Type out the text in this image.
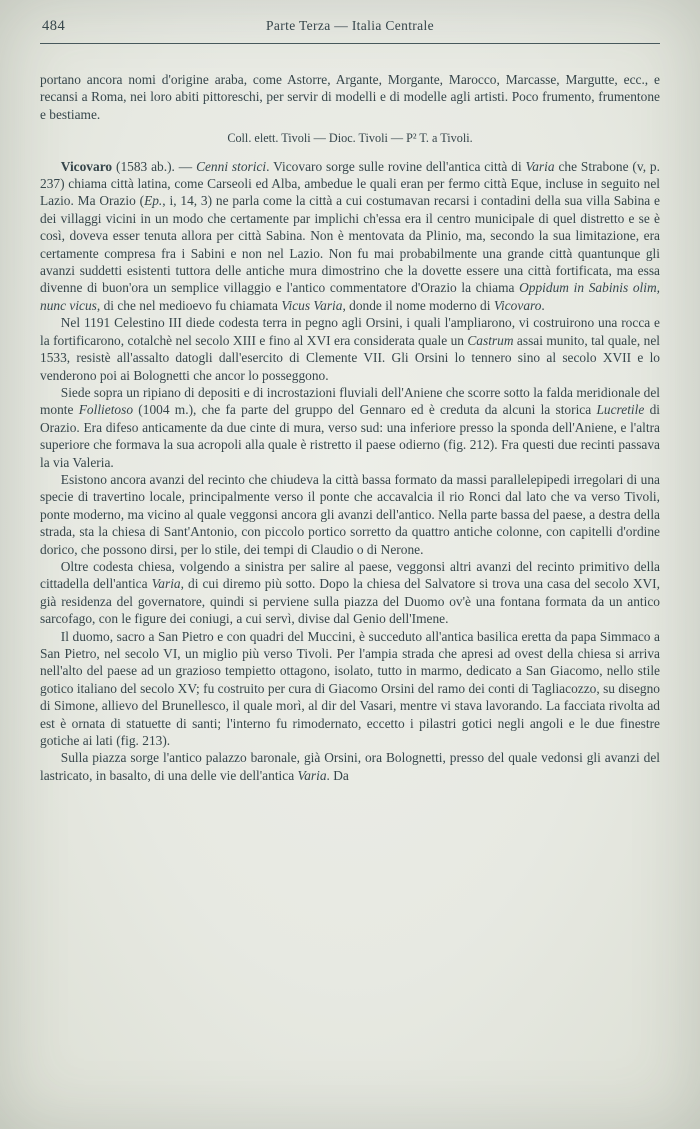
484	Parte Terza — Italia Centrale

portano ancora nomi d'origine araba, come Astorre, Argante, Morgante, Marocco, Marcasse, Margutte, ecc., e recansi a Roma, nei loro abiti pittoreschi, per servir di modelli e di modelle agli artisti. Poco frumento, frumentone e bestiame.

Coll. elett. Tivoli — Dioc. Tivoli — P² T. a Tivoli.

Vicovaro (1583 ab.). — Cenni storici. Vicovaro sorge sulle rovine dell'antica città di Varia che Strabone (v, p. 237) chiama città latina, come Carseoli ed Alba, ambedue le quali eran per fermo città Eque, incluse in seguito nel Lazio. Ma Orazio (Ep., i, 14, 3) ne parla come la città a cui costumavan recarsi i contadini della sua villa Sabina e dei villaggi vicini in un modo che certamente par implichi ch'essa era il centro municipale di quel distretto e se è così, doveva esser tenuta allora per città Sabina. Non è mentovata da Plinio, ma, secondo la sua limitazione, era certamente compresa fra i Sabini e non nel Lazio. Non fu mai probabilmente una grande città quantunque gli avanzi suddetti esistenti tuttora delle antiche mura dimostrino che la dovette essere una città fortificata, ma essa divenne di buon'ora un semplice villaggio e l'antico commentatore d'Orazio la chiama Oppidum in Sabinis olim, nunc vicus, di che nel medioevo fu chiamata Vicus Varia, donde il nome moderno di Vicovaro.

Nel 1191 Celestino III diede codesta terra in pegno agli Orsini, i quali l'ampliarono, vi costruirono una rocca e la fortificarono, cotalchè nel secolo XIII e fino al XVI era considerata quale un Castrum assai munito, tal quale, nel 1533, resistè all'assalto datogli dall'esercito di Clemente VII. Gli Orsini lo tennero sino al secolo XVII e lo venderono poi ai Bolognetti che ancor lo posseggono.

Siede sopra un ripiano di depositi e di incrostazioni fluviali dell'Aniene che scorre sotto la falda meridionale del monte Follietoso (1004 m.), che fa parte del gruppo del Gennaro ed è creduta da alcuni la storica Lucretile di Orazio. Era difeso anticamente da due cinte di mura, verso sud: una inferiore presso la sponda dell'Aniene, e l'altra superiore che formava la sua acropoli alla quale è ristretto il paese odierno (fig. 212). Fra questi due recinti passava la via Valeria.

Esistono ancora avanzi del recinto che chiudeva la città bassa formato da massi parallelepipedi irregolari di una specie di travertino locale, principalmente verso il ponte che accavalcia il rio Ronci dal lato che va verso Tivoli, ponte moderno, ma vicino al quale veggonsi ancora gli avanzi dell'antico. Nella parte bassa del paese, a destra della strada, sta la chiesa di Sant'Antonio, con piccolo portico sorretto da quattro antiche colonne, con capitelli d'ordine dorico, che possono dirsi, per lo stile, dei tempi di Claudio o di Nerone.

Oltre codesta chiesa, volgendo a sinistra per salire al paese, veggonsi altri avanzi del recinto primitivo della cittadella dell'antica Varia, di cui diremo più sotto. Dopo la chiesa del Salvatore si trova una casa del secolo XVI, già residenza del governatore, quindi si perviene sulla piazza del Duomo ov'è una fontana formata da un antico sarcofago, con le figure dei coniugi, a cui servì, divise dal Genio dell'Imene.

Il duomo, sacro a San Pietro e con quadri del Muccini, è succeduto all'antica basilica eretta da papa Simmaco a San Pietro, nel secolo VI, un miglio più verso Tivoli. Per l'ampia strada che apresi ad ovest della chiesa si arriva nell'alto del paese ad un grazioso tempietto ottagono, isolato, tutto in marmo, dedicato a San Giacomo, nello stile gotico italiano del secolo XV; fu costruito per cura di Giacomo Orsini del ramo dei conti di Tagliacozzo, su disegno di Simone, allievo del Brunellesco, il quale morì, al dir del Vasari, mentre vi stava lavorando. La facciata rivolta ad est è ornata di statuette di santi; l'interno fu rimodernato, eccetto i pilastri gotici negli angoli e le due finestre gotiche ai lati (fig. 213).

Sulla piazza sorge l'antico palazzo baronale, già Orsini, ora Bolognetti, presso del quale vedonsi gli avanzi del lastricato, in basalto, di una delle vie dell'antica Varia. Da
